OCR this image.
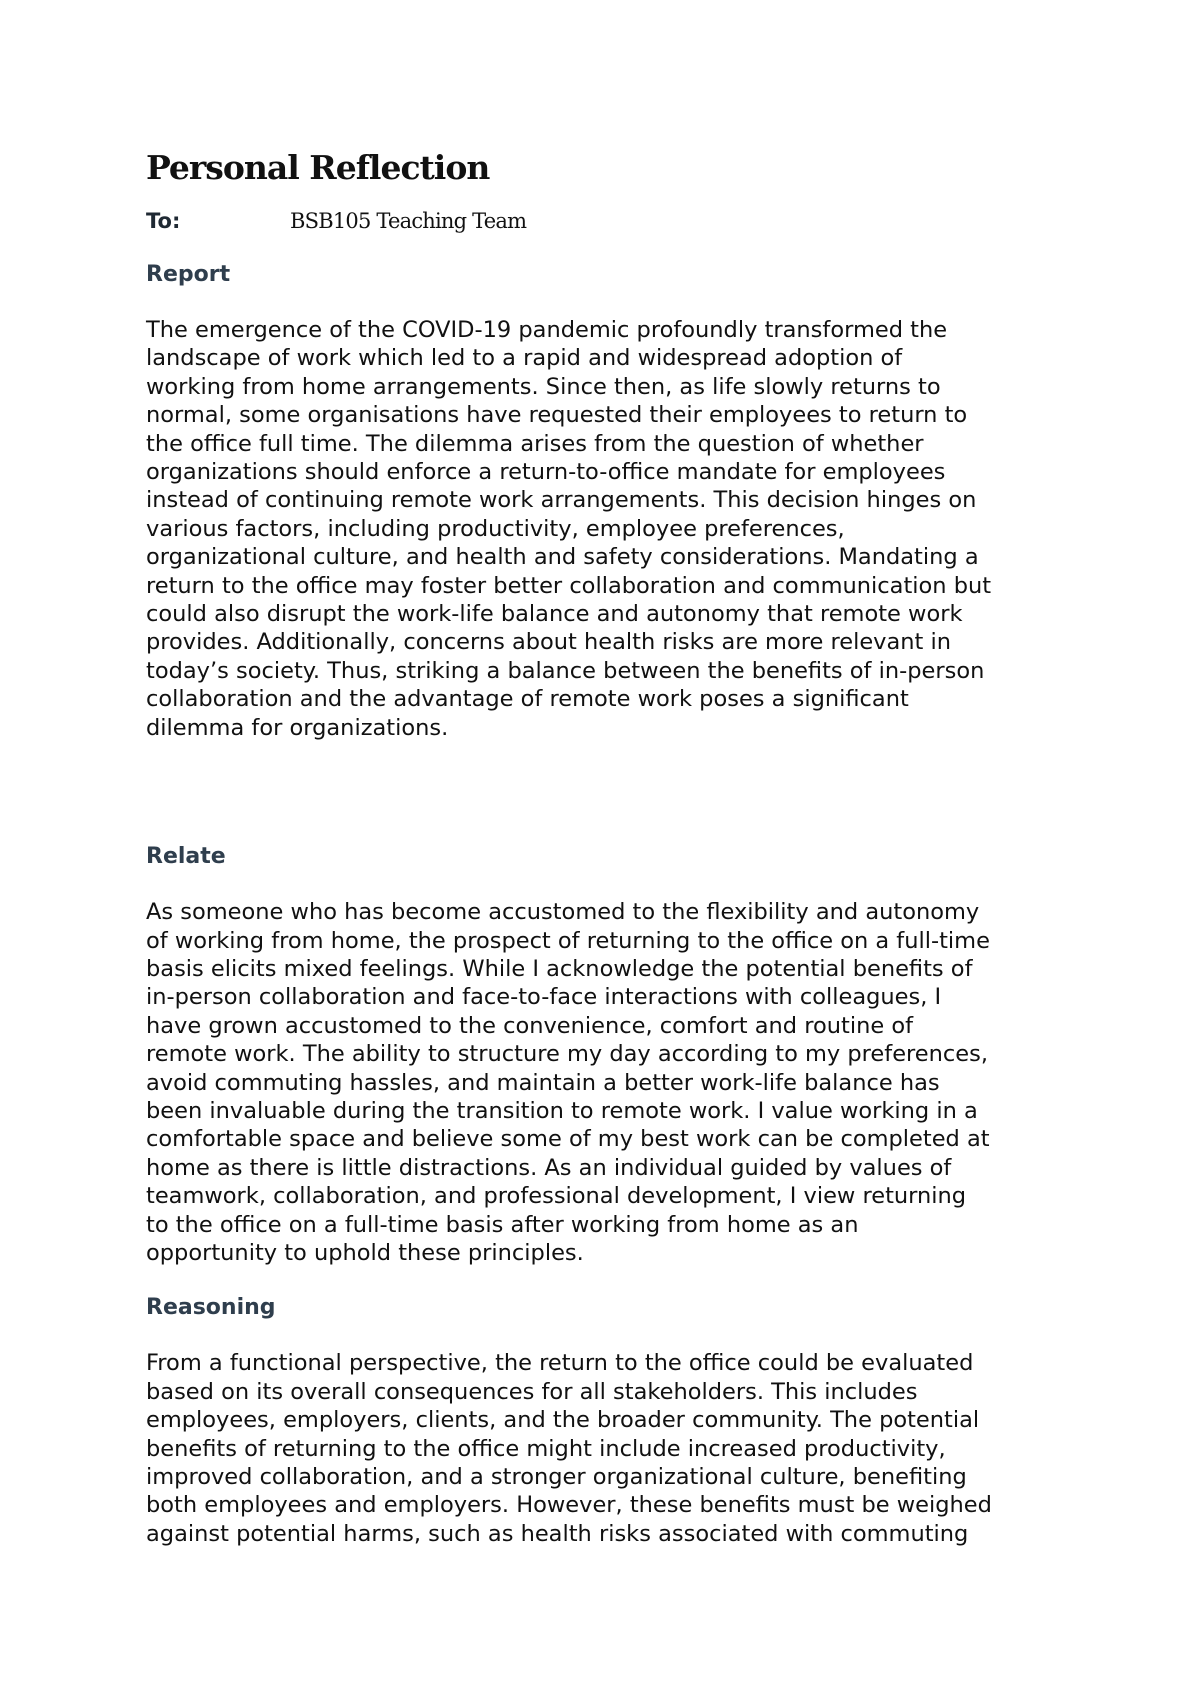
Personal Reflection
To:	BSB105 Teaching Team
Report

The emergence of the COVID-19 pandemic profoundly transformed the
landscape of work which led to a rapid and widespread adoption of
working from home arrangements. Since then, as life slowly returns to
normal, some organisations have requested their employees to return to
the office full time. The dilemma arises from the question of whether
organizations should enforce a return-to-office mandate for employees
instead of continuing remote work arrangements. This decision hinges on
various factors, including productivity, employee preferences,
organizational culture, and health and safety considerations. Mandating a
return to the office may foster better collaboration and communication but
could also disrupt the work-life balance and autonomy that remote work
provides. Additionally, concerns about health risks are more relevant in
today’s society. Thus, striking a balance between the benefits of in-person
collaboration and the advantage of remote work poses a significant
dilemma for organizations.

Relate

As someone who has become accustomed to the flexibility and autonomy
of working from home, the prospect of returning to the office on a full-time
basis elicits mixed feelings. While I acknowledge the potential benefits of
in-person collaboration and face-to-face interactions with colleagues, I
have grown accustomed to the convenience, comfort and routine of
remote work. The ability to structure my day according to my preferences,
avoid commuting hassles, and maintain a better work-life balance has
been invaluable during the transition to remote work. I value working in a
comfortable space and believe some of my best work can be completed at
home as there is little distractions. As an individual guided by values of
teamwork, collaboration, and professional development, I view returning
to the office on a full-time basis after working from home as an
opportunity to uphold these principles.

Reasoning

From a functional perspective, the return to the office could be evaluated
based on its overall consequences for all stakeholders. This includes
employees, employers, clients, and the broader community. The potential
benefits of returning to the office might include increased productivity,
improved collaboration, and a stronger organizational culture, benefiting
both employees and employers. However, these benefits must be weighed
against potential harms, such as health risks associated with commuting
